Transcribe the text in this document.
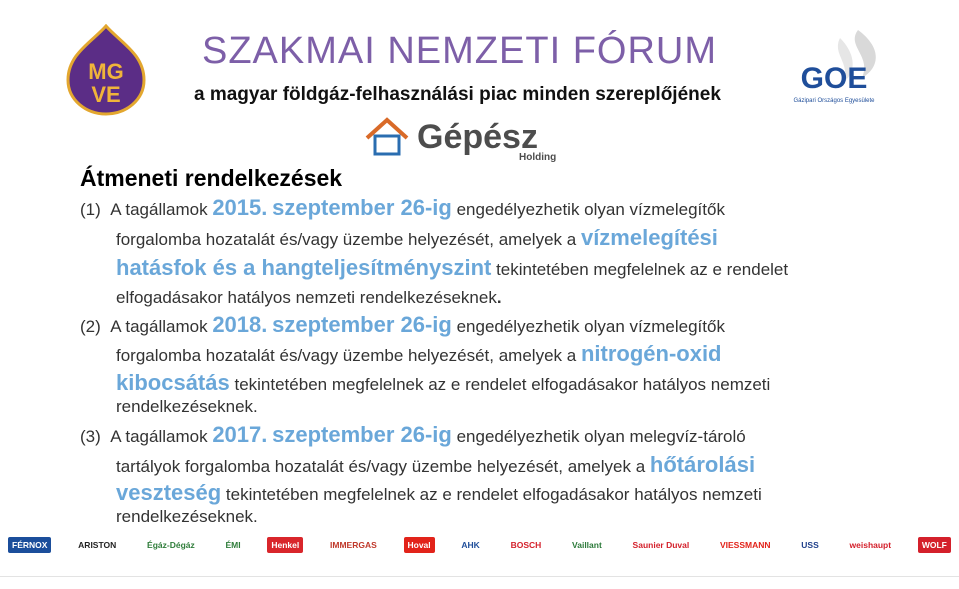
MG
VE
SZAKMAI NEMZETI FÓRUM
a magyar földgáz-felhasználási piac minden szereplőjének	GOE
Gázipari Országos Egyesülete
Gépész
Holding
Átmeneti rendelkezések
(1) A tagállamok 2015. szeptember 26-ig engedélyezhetik olyan vízmelegítők
forgalomba hozatalát és/vagy üzembe helyezését, amelyek a vízmelegítési
hatásfok és a hangteljesítményszint tekintetében megfelelnek az e rendelet
elfogadásakor hatályos nemzeti rendelkezéseknek.
(2) A tagállamok 2018. szeptember 26-ig engedélyezhetik olyan vízmelegítők
forgalomba hozatalát és/vagy üzembe helyezését, amelyek a nitrogén-oxid
kibocsátás tekintetében megfelelnek az e rendelet elfogadásakor hatályos nemzeti
rendelkezéseknek.
(3) A tagállamok 2017. szeptember 26-ig engedélyezhetik olyan melegvíz-tároló
tartályok forgalomba hozatalát és/vagy üzembe helyezését, amelyek a hőtárolási
veszteség tekintetében megfelelnek az e rendelet elfogadásakor hatályos nemzeti
rendelkezéseknek.
FÉRNOX	ARISTON	Égáz-Dégáz	ÉMI	Henkel	IMMERGAS	Hoval	AHK	BOSCH	Vaillant	Saunier Duval	VIESSMANN	USS	weishaupt	WOLF
